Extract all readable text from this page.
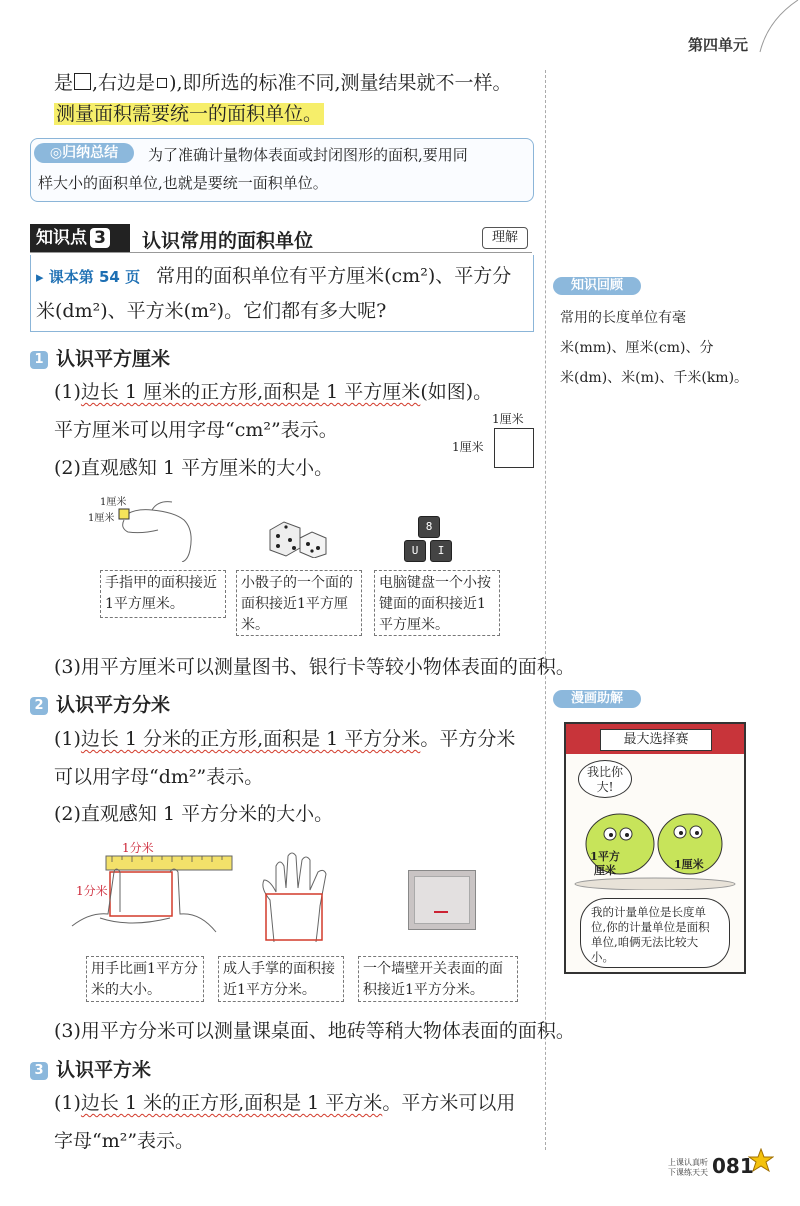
第四单元
是 ,右边是 ),即所选的标准不同,测量结果就不一样。
测量面积需要统一的面积单位。
◎归纳总结	为了准确计量物体表面或封闭图形的面积,要用同
样大小的面积单位,也就是要统一面积单位。
知识点 3	认识常用的面积单位	理解
▸ 课本第 54 页 常用的面积单位有平方厘米(cm²)、平方分
米(dm²)、平方米(m²)。它们都有多大呢?
1 认识平方厘米
(1)边长 1 厘米的正方形,面积是 1 平方厘米(如图)。
平方厘米可以用字母“cm²”表示。
(2)直观感知 1 平方厘米的大小。
1厘米
1厘米
1厘米
1厘米
8
U	I
手指甲的面积接近1平方厘米。
小骰子的一个面的面积接近1平方厘米。
电脑键盘一个小按键面的面积接近1平方厘米。
(3)用平方厘米可以测量图书、银行卡等较小物体表面的面积。
2 认识平方分米
(1)边长 1 分米的正方形,面积是 1 平方分米。平方分米
可以用字母“dm²”表示。
(2)直观感知 1 平方分米的大小。
1分米
1分米
用手比画1平方分米的大小。
成人手掌的面积接近1平方分米。
一个墙壁开关表面的面积接近1平方分米。
(3)用平方分米可以测量课桌面、地砖等稍大物体表面的面积。
3 认识平方米
(1)边长 1 米的正方形,面积是 1 平方米。平方米可以用
字母“m²”表示。
知识回顾
常用的长度单位有毫
米(mm)、厘米(cm)、分
米(dm)、米(m)、千米(km)。
漫画助解
最大选择赛
我比你大!
1平方厘米	1厘米
我的计量单位是长度单位,你的计量单位是面积单位,咱俩无法比较大小。
上课认真听
下课练天天 081
